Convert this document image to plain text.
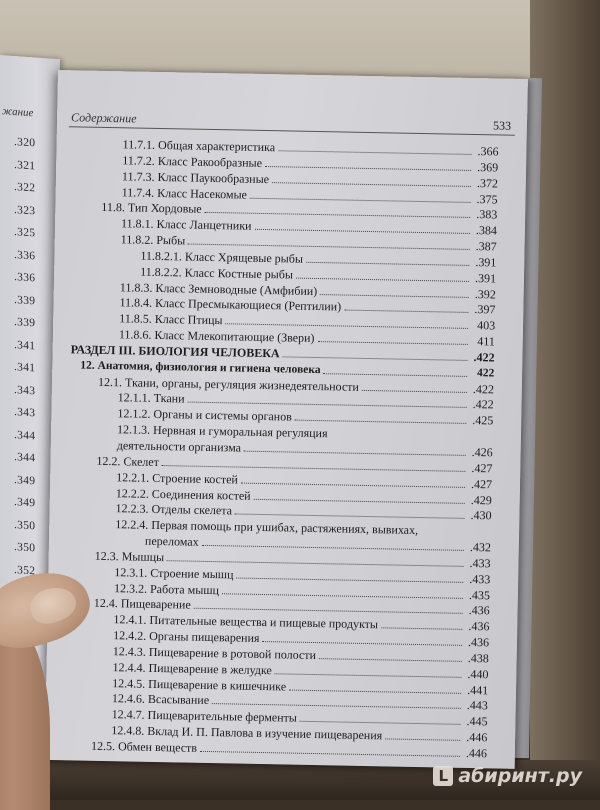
жание
.320
.321
.322
.323
.325
.336
.336
.339
.339
.341
.341
.343
.343
.344
.344
.349
.349
.350
.350
.352
Содержание
533
11.7.1. Общая характеристика	.366
11.7.2. Класс Ракообразные	.369
11.7.3. Класс Паукообразные	.372
11.7.4. Класс Насекомые	.375
11.8. Тип Хордовые	.383
11.8.1. Класс Ланцетники	.384
11.8.2. Рыбы	.387
11.8.2.1. Класс Хрящевые рыбы	.391
11.8.2.2. Класс Костные рыбы	.391
11.8.3. Класс Земноводные (Амфибии)	.392
11.8.4. Класс Пресмыкающиеся (Рептилии)	.397
11.8.5. Класс Птицы	403
11.8.6. Класс Млекопитающие (Звери)	411
РАЗДЕЛ III. БИОЛОГИЯ ЧЕЛОВЕКА	.422
12. Анатомия, физиология и гигиена человека	422
12.1. Ткани, органы, регуляция жизнедеятельности	.422
12.1.1. Ткани	.422
12.1.2. Органы и системы органов	.425
12.1.3. Нервная и гуморальная регуляция
деятельности организма	.426
12.2. Скелет	.427
12.2.1. Строение костей	.427
12.2.2. Соединения костей	.429
12.2.3. Отделы скелета	.430
12.2.4. Первая помощь при ушибах, растяжениях, вывихах,
переломах	.432
12.3. Мышцы	.433
12.3.1. Строение мышц	.433
12.3.2. Работа мышц	.435
12.4. Пищеварение	.436
12.4.1. Питательные вещества и пищевые продукты	.436
12.4.2. Органы пищеварения	.436
12.4.3. Пищеварение в ротовой полости	.438
12.4.4. Пищеварение в желудке	.440
12.4.5. Пищеварение в кишечнике	.441
12.4.6. Всасывание	.443
12.4.7. Пищеварительные ферменты	.445
12.4.8. Вклад И. П. Павлова в изучение пищеварения	.446
12.5. Обмен веществ	.446
L абиринт.ру
